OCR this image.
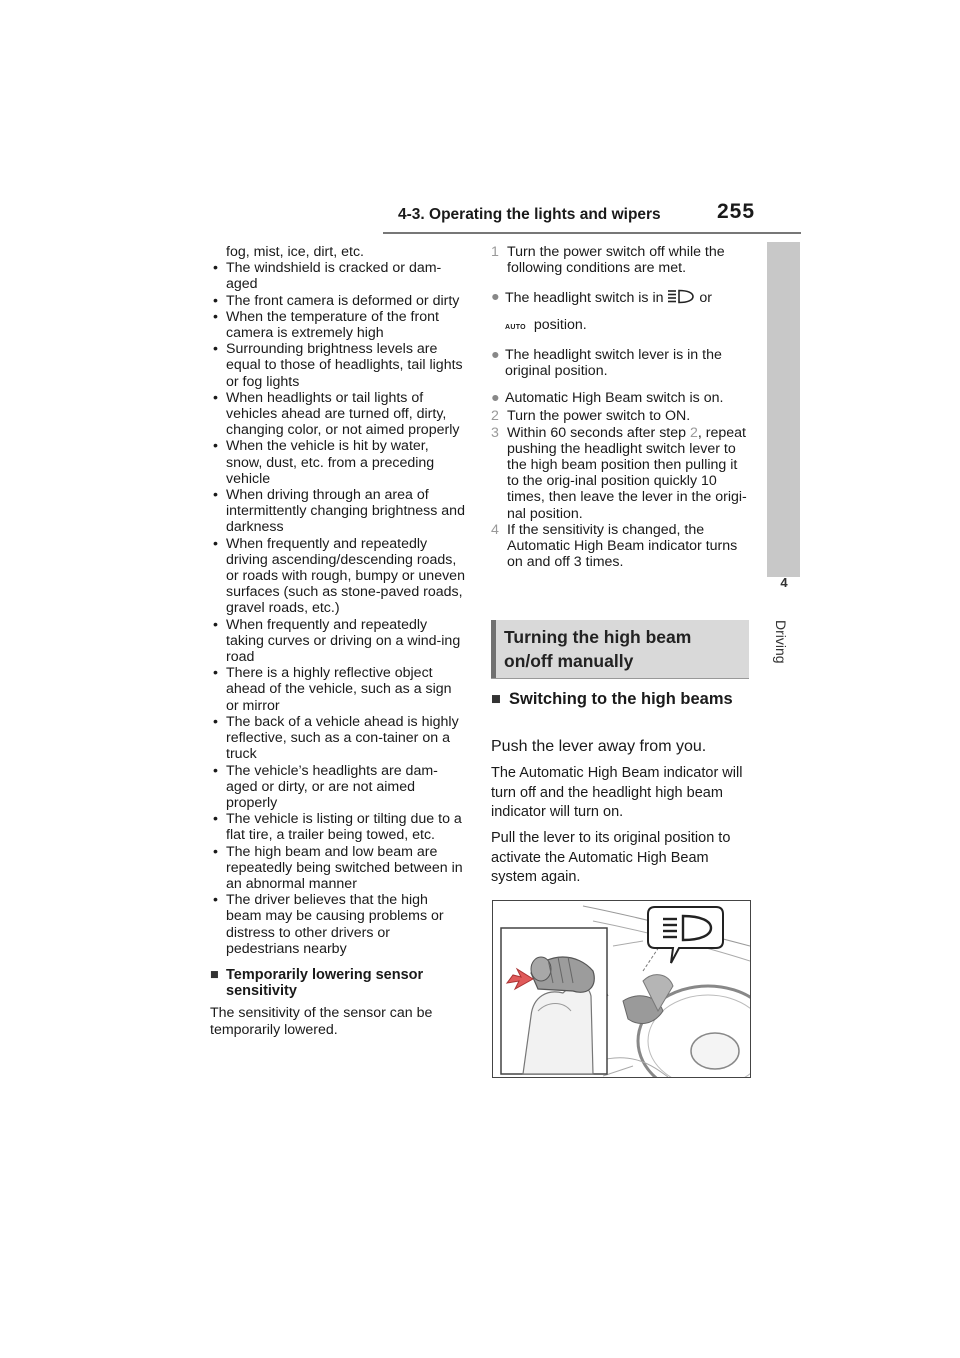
4-3. Operating the lights and wipers	255
4
Driving

fog, mist, ice, dirt, etc.

• The windshield is cracked or dam-aged
• The front camera is deformed or dirty
• When the temperature of the front camera is extremely high
• Surrounding brightness levels are equal to those of headlights, tail lights or fog lights
• When headlights or tail lights of vehicles ahead are turned off, dirty, changing color, or not aimed properly
• When the vehicle is hit by water, snow, dust, etc. from a preceding vehicle
• When driving through an area of intermittently changing brightness and darkness
• When frequently and repeatedly driving ascending/descending roads, or roads with rough, bumpy or uneven surfaces (such as stone-paved roads, gravel roads, etc.)
• When frequently and repeatedly taking curves or driving on a wind-ing road
• There is a highly reflective object ahead of the vehicle, such as a sign or mirror
• The back of a vehicle ahead is highly reflective, such as a con-tainer on a truck
• The vehicle’s headlights are dam-aged or dirty, or are not aimed properly
• The vehicle is listing or tilting due to a flat tire, a trailer being towed, etc.
• The high beam and low beam are repeatedly being switched between in an abnormal manner
• The driver believes that the high beam may be causing problems or distress to other drivers or pedestrians nearby
■ Temporarily lowering sensor sensitivity

The sensitivity of the sensor can be temporarily lowered.

1 Turn the power switch off while the following conditions are met.
● The headlight switch is in	or
AUTO position.
● The headlight switch lever is in the original position.
● Automatic High Beam switch is on.
2 Turn the power switch to ON.
3 Within 60 seconds after step 2, repeat pushing the headlight switch lever to the high beam position then pulling it to the orig-inal position quickly 10 times, then leave the lever in the origi-nal position.
4 If the sensitivity is changed, the Automatic High Beam indicator turns on and off 3 times.
Turning the high beam on/off manually
■ Switching to the high beams
Push the lever away from you.
The Automatic High Beam indicator will turn off and the headlight high beam indicator will turn on.
Pull the lever to its original position to activate the Automatic High Beam system again.
